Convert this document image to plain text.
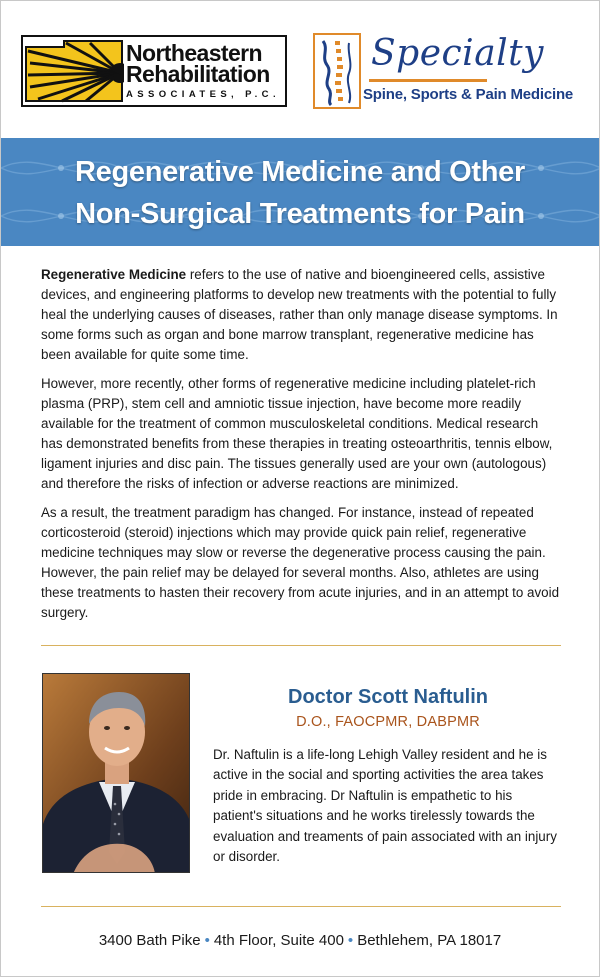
Northeastern
Rehabilitation
ASSOCIATES, P.C.
Specialty
Spine, Sports & Pain Medicine
Regenerative Medicine and Other
Non-Surgical Treatments for Pain

Regenerative Medicine refers to the use of native and bioengineered cells, assistive devices, and engineering platforms to develop new treatments with the potential to fully heal the underlying causes of diseases, rather than only manage disease symptoms. In some forms such as organ and bone marrow transplant, regenerative medicine has been available for quite some time.

However, more recently, other forms of regenerative medicine including platelet-rich plasma (PRP), stem cell and amniotic tissue injection, have become more readily available for the treatment of common musculoskeletal conditions. Medical research has demonstrated benefits from these therapies in treating osteoarthritis, tennis elbow, ligament injuries and disc pain. The tissues generally used are your own (autologous) and therefore the risks of infection or adverse reactions are minimized.

As a result, the treatment paradigm has changed. For instance, instead of repeated corticosteroid (steroid) injections which may provide quick pain relief, regenerative medicine techniques may slow or reverse the degenerative process causing the pain. However, the pain relief may be delayed for several months. Also, athletes are using these treatments to hasten their recovery from acute injuries, and in an attempt to avoid surgery.

Doctor Scott Naftulin
D.O., FAOCPMR, DABPMR
Dr. Naftulin is a life-long Lehigh Valley resident and he is active in the social and sporting activities the area takes pride in embracing. Dr Naftulin is empathetic to his patient's situations and he works tirelessly towards the evaluation and treaments of pain associated with an injury or disorder.
3400 Bath Pike • 4th Floor, Suite 400 • Bethlehem, PA 18017
